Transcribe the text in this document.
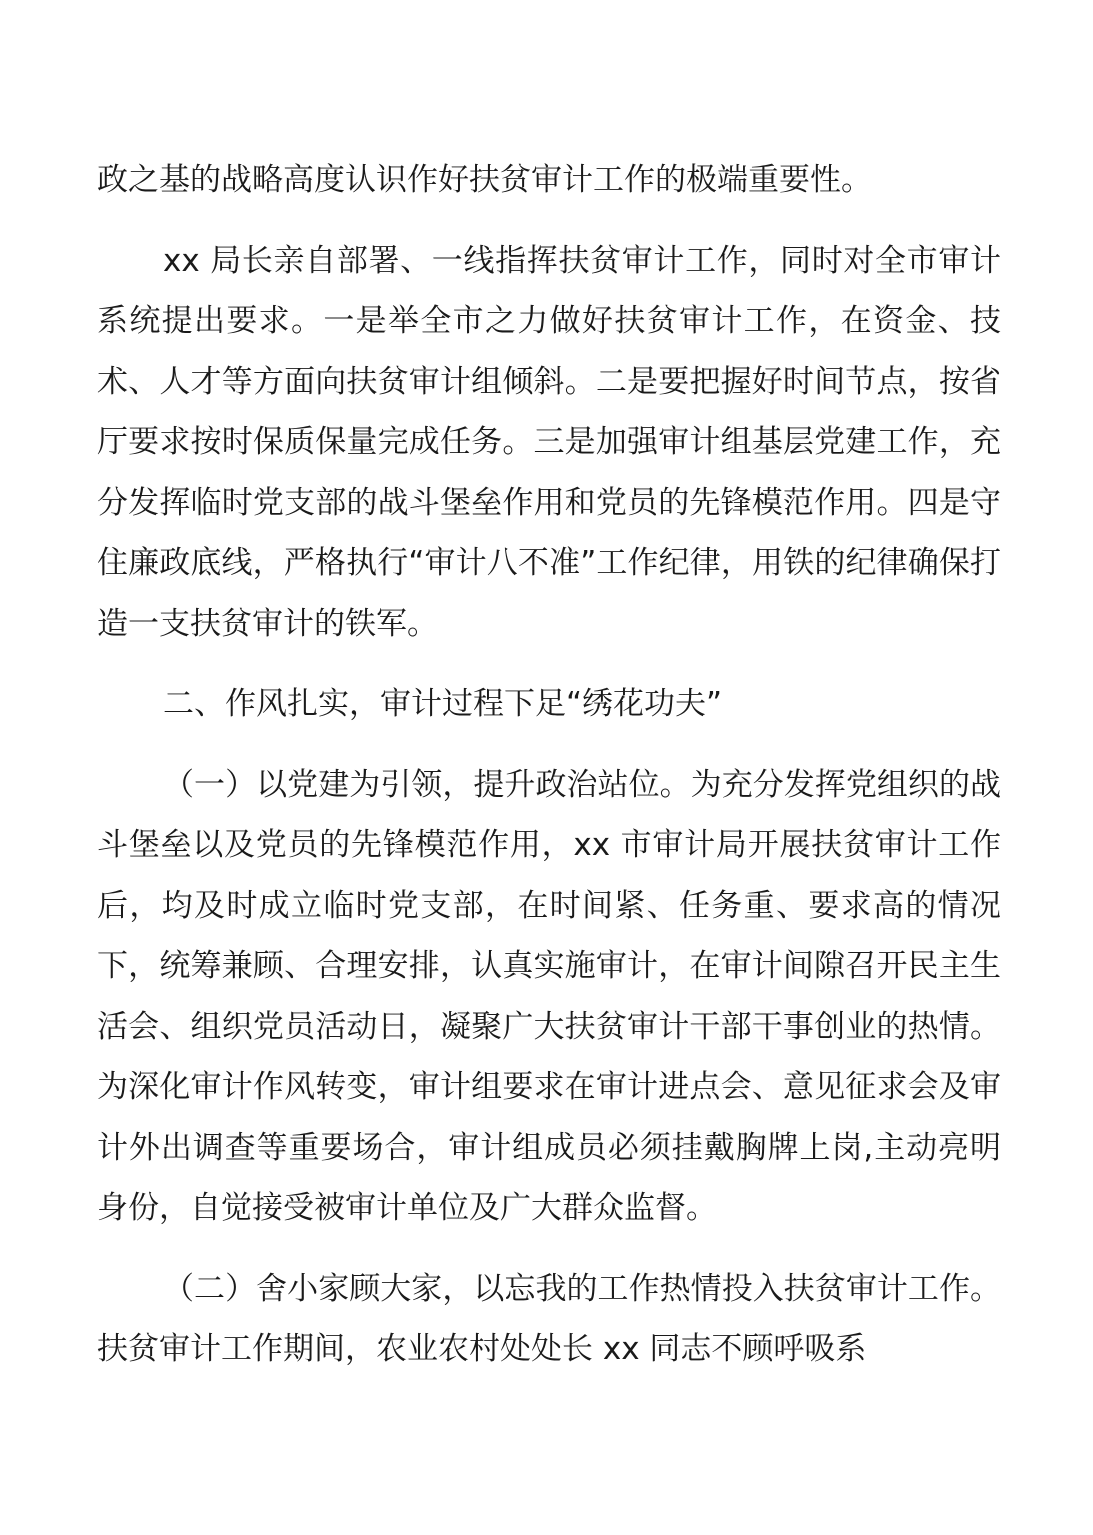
政之基的战略高度认识作好扶贫审计工作的极端重要性。

xx 局长亲自部署、一线指挥扶贫审计工作，同时对全市审计系统提出要求。一是举全市之力做好扶贫审计工作，在资金、技术、人才等方面向扶贫审计组倾斜。二是要把握好时间节点，按省厅要求按时保质保量完成任务。三是加强审计组基层党建工作，充分发挥临时党支部的战斗堡垒作用和党员的先锋模范作用。四是守住廉政底线，严格执行“审计八不准”工作纪律，用铁的纪律确保打造一支扶贫审计的铁军。

二、作风扎实，审计过程下足“绣花功夫”

（一）以党建为引领，提升政治站位。为充分发挥党组织的战斗堡垒以及党员的先锋模范作用，xx 市审计局开展扶贫审计工作后，均及时成立临时党支部，在时间紧、任务重、要求高的情况下，统筹兼顾、合理安排，认真实施审计，在审计间隙召开民主生活会、组织党员活动日，凝聚广大扶贫审计干部干事创业的热情。为深化审计作风转变，审计组要求在审计进点会、意见征求会及审计外出调查等重要场合，审计组成员必须挂戴胸牌上岗,主动亮明身份，自觉接受被审计单位及广大群众监督。

（二）舍小家顾大家，以忘我的工作热情投入扶贫审计工作。扶贫审计工作期间，农业农村处处长 xx 同志不顾呼吸系
